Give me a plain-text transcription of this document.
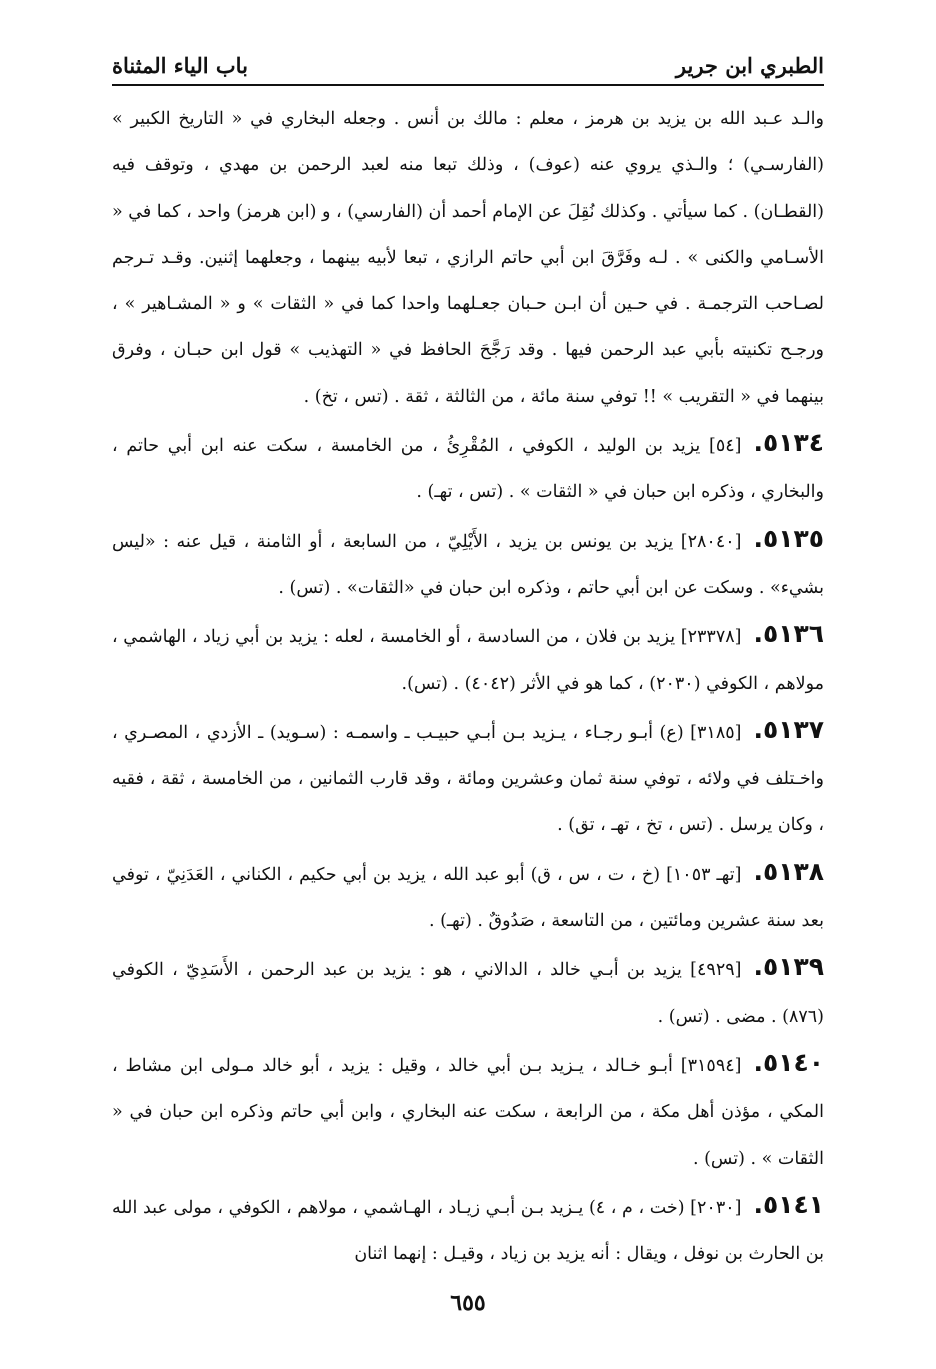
الطبري ابن جرير
باب الياء المثناة

والـد عـبد الله بن يزيد بن هرمز ، معلم : مالك بن أنس . وجعله البخاري في « التاريخ الكبير » (الفارسـي) ؛ والـذي يروي عنه (عوف) ، وذلك تبعا منه لعبد الرحمن بن مهدي ، وتوقف فيه (القطـان) . كما سيأتي . وكذلك نُقِلَ عن الإمام أحمد أن (الفارسي) ، و (ابن هرمز) واحد ، كما في « الأسـامي والكنى » . لـه وفَرَّقَ ابن أبي حاتم الرازي ، تبعا لأبيه بينهما ، وجعلهما إثنين. وقـد تـرجم لصـاحب الترجمـة . في حـين أن ابـن حـبان جعـلهما واحدا كما في « الثقات » و « المشـاهير » ، ورجـح تكنيته بأبي عبد الرحمن فيها . وقد رَجَّحَ الحافظ في « التهذيب » قول ابن حبـان ، وفرق بينهما في « التقريب » !! توفي سنة مائة ، من الثالثة ، ثقة . (تس ، تخ) .

٥١٣٤.[٥٤] يزيد بن الوليد ، الكوفي ، المُقْرِئُ ، من الخامسة ، سكت عنه ابن أبي حاتم ، والبخاري ، وذكره ابن حبان في « الثقات » . (تس ، تهـ) .

٥١٣٥.[٢٨٠٤٠] يزيد بن يونس بن يزيد ، الأَيْلِيّ ، من السابعة ، أو الثامنة ، قيل عنه : «ليس بشيء» . وسكت عن ابن أبي حاتم ، وذكره ابن حبان في «الثقات» . (تس) .

٥١٣٦.[٢٣٣٧٨] يزيد بن فلان ، من السادسة ، أو الخامسة ، لعله : يزيد بن أبي زياد ، الهاشمي ، مولاهم ، الكوفي (٢٠٣٠) ، كما هو في الأثر (٤٠٤٢) . (تس).

٥١٣٧.[٣١٨٥] (ع) أبـو رجـاء ، يـزيد بـن أبـي حبيـب ـ واسمـه : (سـويد) ـ الأزدي ، المصـري ، واخـتلف في ولائه ، توفي سنة ثمان وعشرين ومائة ، وقد قارب الثمانين ، من الخامسة ، ثقة ، فقيه ، وكان يرسل . (تس ، تخ ، تهـ ، تق) .

٥١٣٨.[تهـ ١٠٥٣] (خ ، ت ، س ، ق) أبو عبد الله ، يزيد بن أبي حكيم ، الكناني ، العَدَنِيّ ، توفي بعد سنة عشرين ومائتين ، من التاسعة ، صَدُوقٌ . (تهـ) .

٥١٣٩.[٤٩٢٩] يزيد بن أبـي خالد ، الدالاني ، هو : يزيد بن عبد الرحمن ، الأَسَدِيّ ، الكوفي (٨٧٦) . مضى . (تس) .

٥١٤٠.[٣١٥٩٤] أبـو خـالد ، يـزيد بـن أبي خالد ، وقيل : يزيد ، أبو خالد مـولى ابن مشاط ، المكي ، مؤذن أهل مكة ، من الرابعة ، سكت عنه البخاري ، وابن أبي حاتم وذكره ابن حبان في « الثقات » . (تس) .

٥١٤١.[٢٠٣٠] (خت ، م ، ٤) يـزيد بـن أبـي زيـاد ، الهـاشمي ، مولاهم ، الكوفي ، مولى عبد الله بن الحارث بن نوفل ، ويقال : أنه يزيد بن زياد ، وقيـل : إنهما اثنان

٦٥٥
